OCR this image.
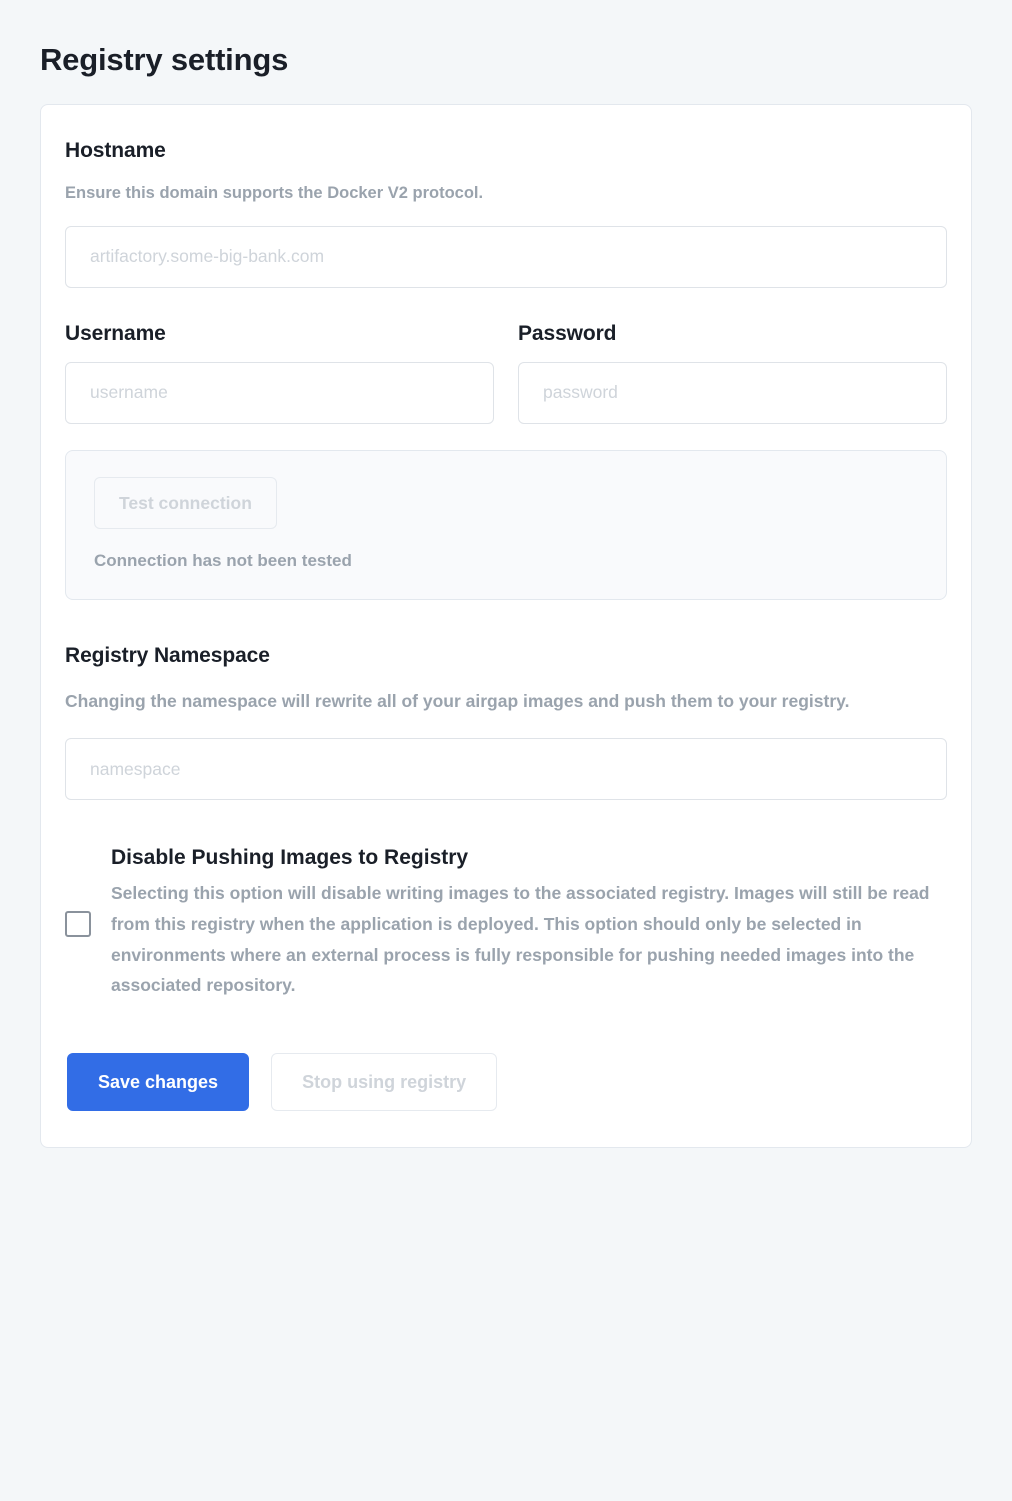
Registry settings
Hostname

Ensure this domain supports the Docker V2 protocol.

artifactory.some-big-bank.com
Username
username	Password
password
Test connection
Connection has not been tested
Registry Namespace

Changing the namespace will rewrite all of your airgap images and push them to your registry.

namespace
Disable Pushing Images to Registry

Selecting this option will disable writing images to the associated registry. Images will still be read from this registry when the application is deployed. This option should only be selected in environments where an external process is fully responsible for pushing needed images into the associated repository.

Save changes	Stop using registry
